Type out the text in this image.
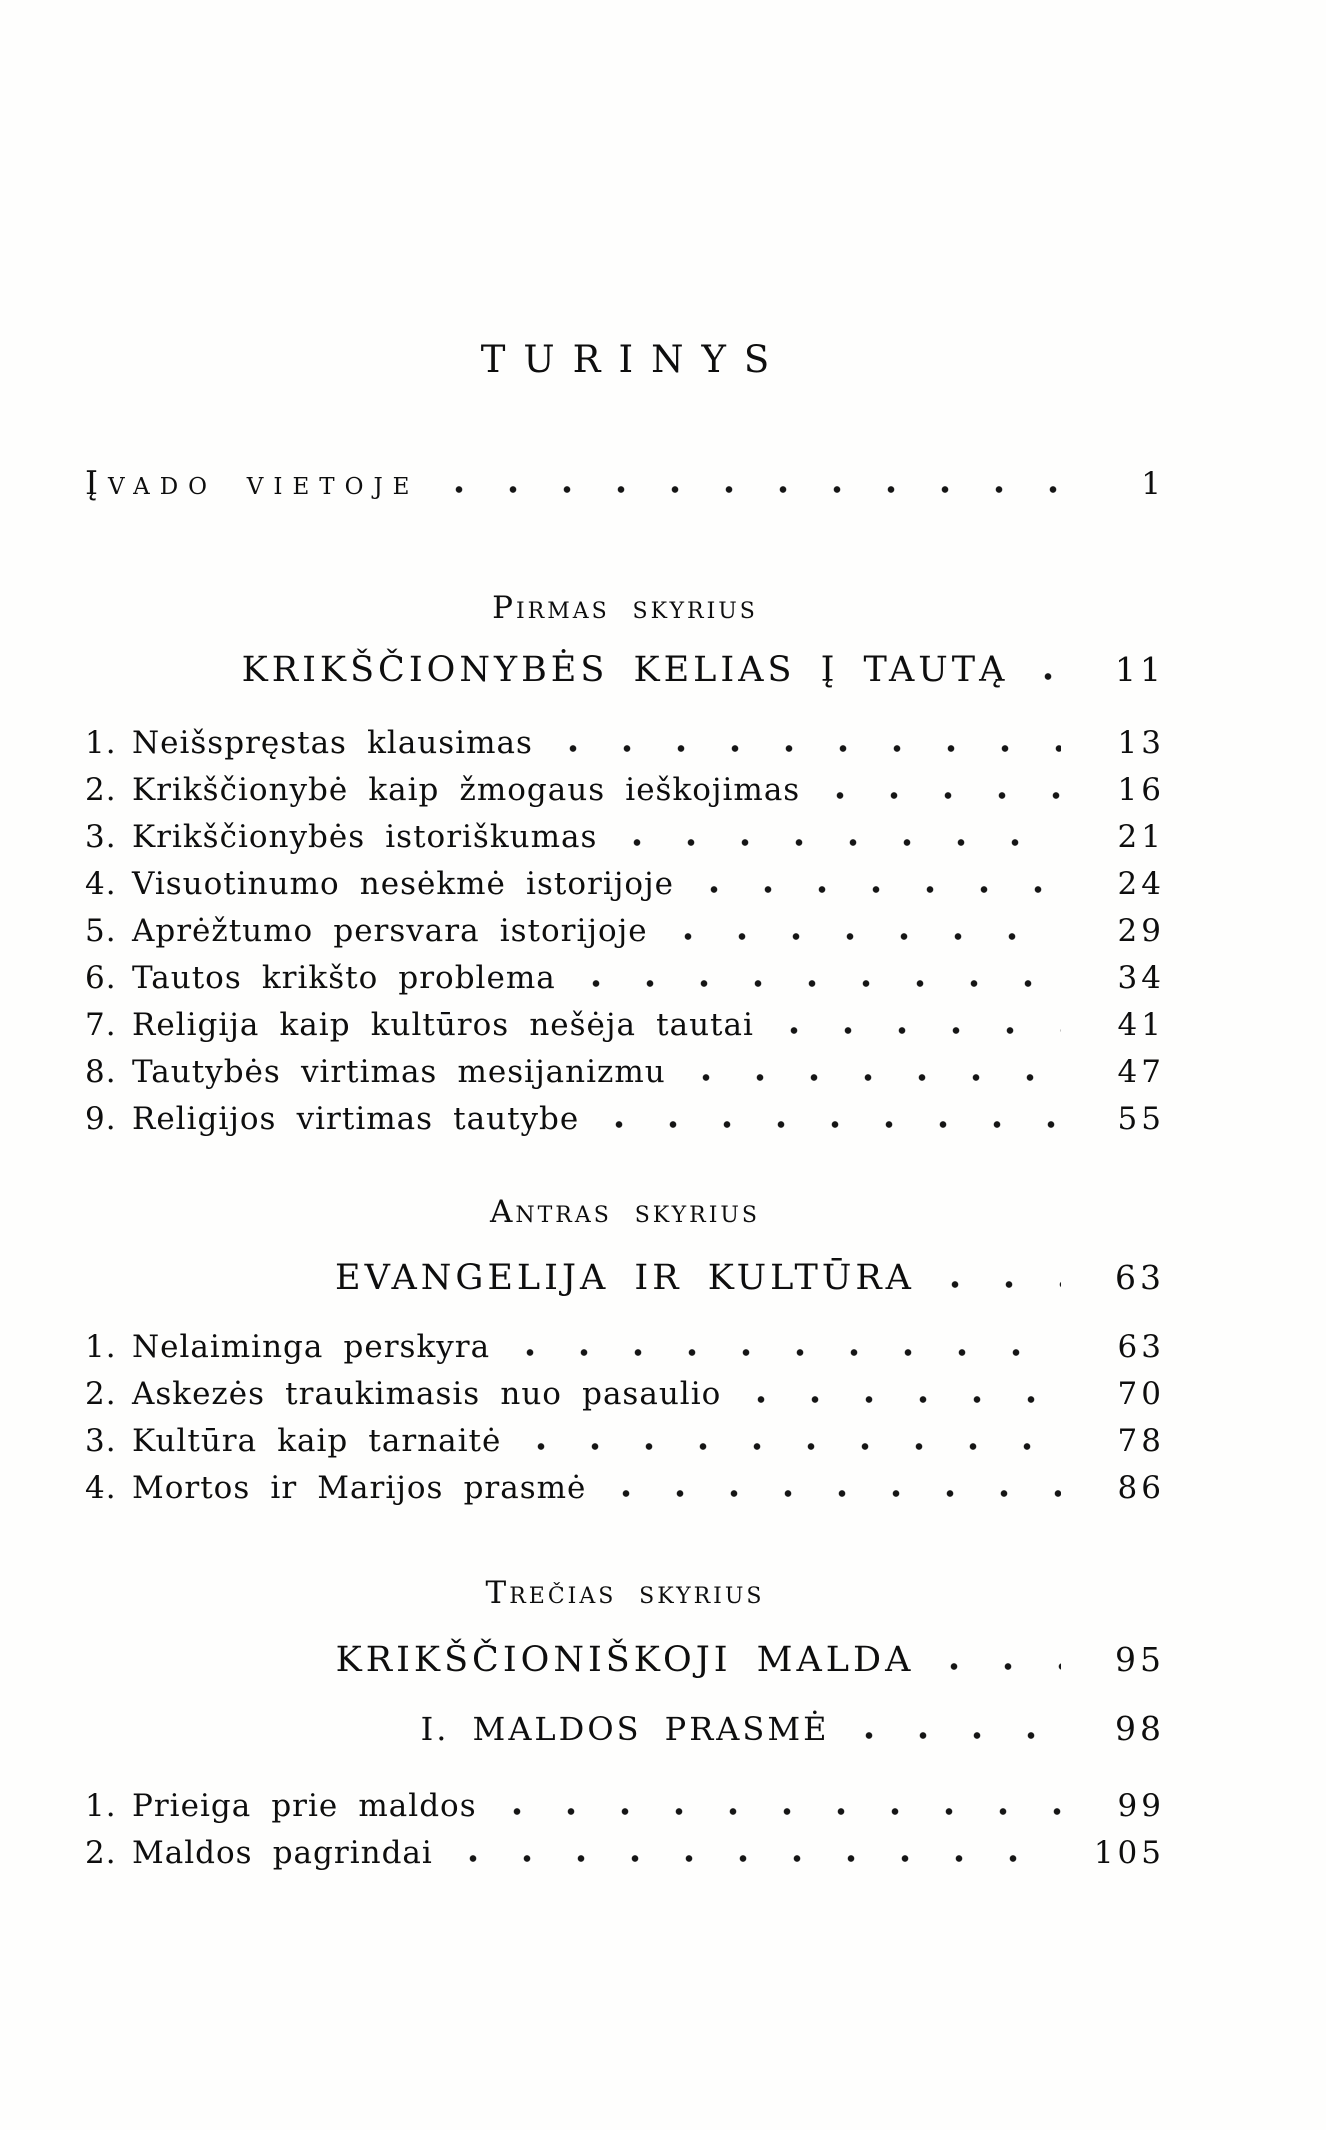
TURINYS
Įvado vietoje	1
Pirmas skyrius
KRIKŠČIONYBĖS KELIAS Į TAUTĄ	11
1. Neišspręstas klausimas	13
2. Krikščionybė kaip žmogaus ieškojimas	16
3. Krikščionybės istoriškumas	21
4. Visuotinumo nesėkmė istorijoje	24
5. Aprėžtumo persvara istorijoje	29
6. Tautos krikšto problema	34
7. Religija kaip kultūros nešėja tautai	41
8. Tautybės virtimas mesijanizmu	47
9. Religijos virtimas tautybe	55
Antras skyrius
EVANGELIJA IR KULTŪRA	63
1. Nelaiminga perskyra	63
2. Askezės traukimasis nuo pasaulio	70
3. Kultūra kaip tarnaitė	78
4. Mortos ir Marijos prasmė	86
Trečias skyrius
KRIKŠČIONIŠKOJI MALDA	95
I. MALDOS PRASMĖ	98
1. Prieiga prie maldos	99
2. Maldos pagrindai	105
